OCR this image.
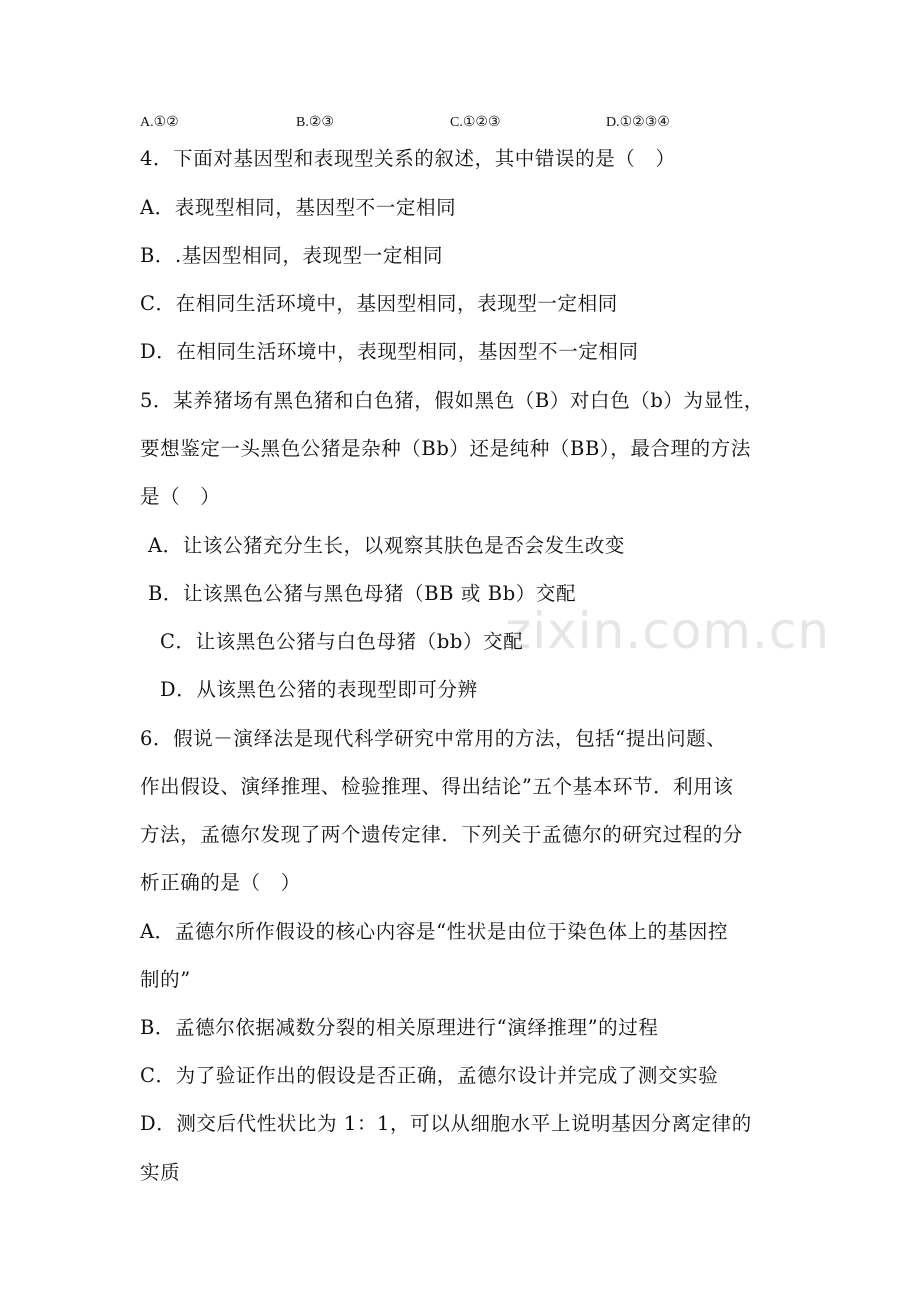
zixin.com.cn
A.①②	B.②③	C.①②③	D.①②③④
4．下面对基因型和表现型关系的叙述，其中错误的是（　）
A．表现型相同，基因型不一定相同
B．.基因型相同，表现型一定相同
C．在相同生活环境中，基因型相同，表现型一定相同
D．在相同生活环境中，表现型相同，基因型不一定相同
5．某养猪场有黑色猪和白色猪，假如黑色（B）对白色（b）为显性，
要想鉴定一头黑色公猪是杂种（Bb）还是纯种（BB），最合理的方法
是（　）
A．让该公猪充分生长，以观察其肤色是否会发生改变
B．让该黑色公猪与黑色母猪（BB 或 Bb）交配
C．让该黑色公猪与白色母猪（bb）交配
D．从该黑色公猪的表现型即可分辨
6．假说－演绎法是现代科学研究中常用的方法，包括“提出问题、
作出假设、演绎推理、检验推理、得出结论”五个基本环节．利用该
方法，孟德尔发现了两个遗传定律．下列关于孟德尔的研究过程的分
析正确的是（　）
A．孟德尔所作假设的核心内容是“性状是由位于染色体上的基因控
制的”
B．孟德尔依据减数分裂的相关原理进行“演绎推理”的过程
C．为了验证作出的假设是否正确，孟德尔设计并完成了测交实验
D．测交后代性状比为 1：1，可以从细胞水平上说明基因分离定律的
实质
